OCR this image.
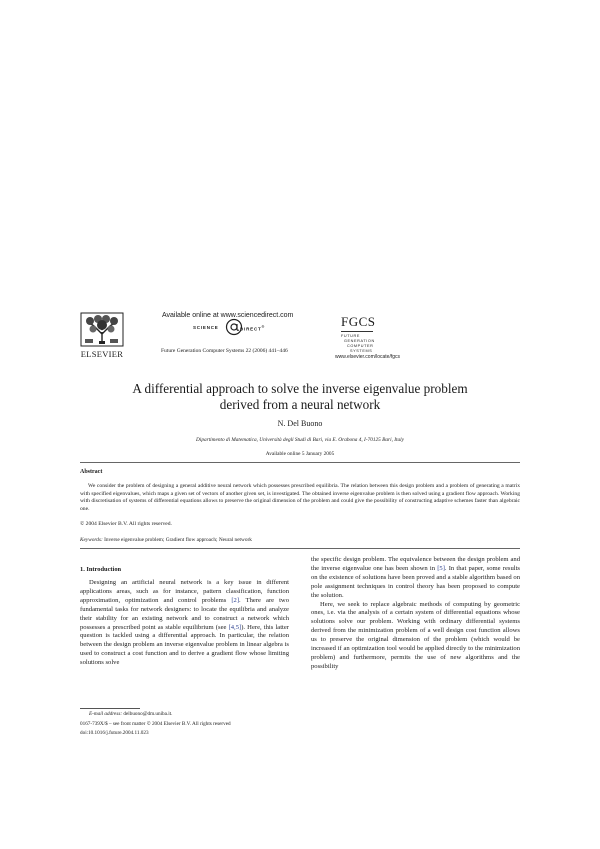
ELSEVIER
Available online at www.sciencedirect.com
SCIENCE	DIRECT®
Future Generation Computer Systems 22 (2006) 441–446
FGCS
FUTURE
GENERATION
COMPUTER
SYSTEMS
www.elsevier.com/locate/fgcs
A differential approach to solve the inverse eigenvalue problem
derived from a neural network
N. Del Buono
Dipartimento di Matematica, Università degli Studi di Bari, via E. Orabona 4, I-70125 Bari, Italy
Available online 5 January 2005
Abstract
We consider the problem of designing a general additive neural network which possesses prescribed equilibria. The relation between this design problem and a problem of generating a matrix with specified eigenvalues, which maps a given set of vectors of another given set, is investigated. The obtained inverse eigenvalue problem is then solved using a gradient flow approach. Working with discretisation of systems of differential equations allows to preserve the original dimension of the problem and could give the possibility of constructing adaptive schemes faster than algebraic one.
© 2004 Elsevier B.V. All rights reserved.
Keywords: Inverse eigenvalue problem; Gradient flow approach; Neural network
1. Introduction
Designing an artificial neural network is a key issue in different applications areas, such as for instance, pattern classification, function approximation, optimization and control problems [2]. There are two fundamental tasks for network designers: to locate the equilibria and analyze their stability for an existing network and to construct a network which possesses a prescribed point as stable equilibrium (see [4,5]). Here, this latter question is tackled using a differential approach. In particular, the relation between the design problem an inverse eigenvalue problem in linear algebra is used to construct a cost function and to derive a gradient flow whose limiting solutions solve

the specific design problem. The equivalence between the design problem and the inverse eigenvalue one has been shown in [5]. In that paper, some results on the existence of solutions have been proved and a stable algorithm based on pole assignment techniques in control theory has been proposed to compute the solution.

Here, we seek to replace algebraic methods of computing by geometric ones, i.e. via the analysis of a certain system of differential equations whose solutions solve our problem. Working with ordinary differential systems derived from the minimization problem of a well design cost function allows us to preserve the original dimension of the problem (which would be increased if an optimization tool would be applied directly to the minimization problem) and furthermore, permits the use of new algorithms and the possibility

E-mail address: delbuono@dm.uniba.it.
0167-739X/$ – see front matter © 2004 Elsevier B.V. All rights reserved
doi:10.1016/j.future.2004.11.023
